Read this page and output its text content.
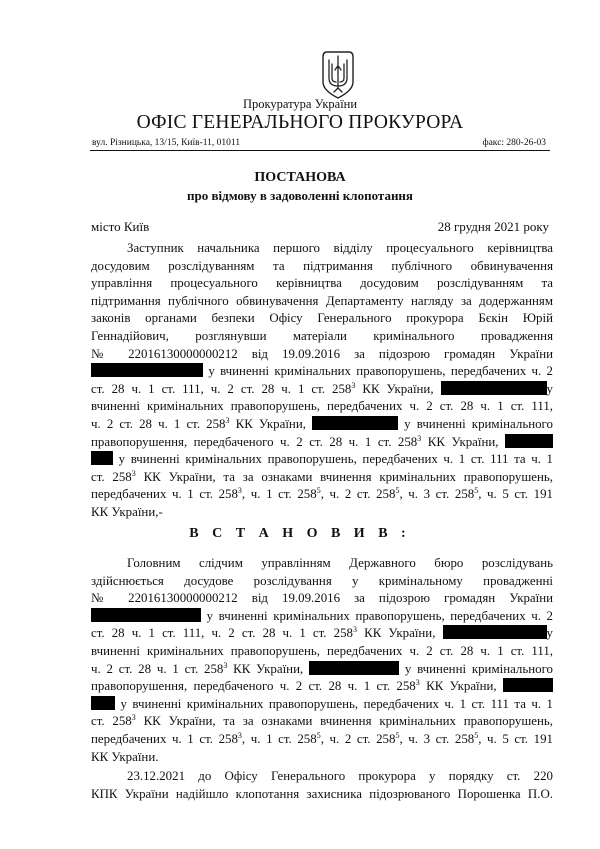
Прокуратура України
ОФІС ГЕНЕРАЛЬНОГО ПРОКУРОРА
вул. Різницька, 13/15, Київ-11, 01011	факс: 280-26-03
ПОСТАНОВА
про відмову в задоволенні клопотання
місто Київ	28 грудня 2021 року
Заступник начальника першого відділу процесуального керівництва
досудовим розслідуванням та підтримання публічного обвинувачення
управління процесуального керівництва досудовим розслідуванням та
підтримання публічного обвинувачення Департаменту нагляду за додержанням
законів органами безпеки Офісу Генерального прокурора Бєкін Юрій
Геннадійович, розглянувши матеріали кримінального провадження
№ 22016130000000212 від 19.09.2016 за підозрою громадян України
у вчиненні кримінальних правопорушень, передбачених ч. 2
ст. 28 ч. 1 ст. 111, ч. 2 ст. 28 ч. 1 ст. $258^3$ КК України,	у
вчиненні кримінальних правопорушень, передбачених ч. 2 ст. 28 ч. 1 ст. 111,
ч. 2 ст. 28 ч. 1 ст. $258^3$ КК України,	у вчиненні кримінального
правопорушення, передбаченого ч. 2 ст. 28 ч. 1 ст. $258^3$ КК України,
у вчиненні кримінальних правопорушень, передбачених ч. 1 ст. 111 та ч. 1
ст. $258^3$ КК України, та за ознаками вчинення кримінальних правопорушень,
передбачених ч. 1 ст. $258^3$, ч. 1 ст. $258^5$, ч. 2 ст. $258^5$, ч. 3 ст. $258^5$, ч. 5 ст. 191
КК України,-
В С Т А Н О В И В :
Головним слідчим управлінням Державного бюро розслідувань
здійснюється досудове розслідування у кримінальному провадженні
№ 22016130000000212 від 19.09.2016 за підозрою громадян України
у вчиненні кримінальних правопорушень, передбачених ч. 2
ст. 28 ч. 1 ст. 111, ч. 2 ст. 28 ч. 1 ст. $258^3$ КК України,	у
вчиненні кримінальних правопорушень, передбачених ч. 2 ст. 28 ч. 1 ст. 111,
ч. 2 ст. 28 ч. 1 ст. $258^3$ КК України,	у вчиненні кримінального
правопорушення, передбаченого ч. 2 ст. 28 ч. 1 ст. $258^3$ КК України,
у вчиненні кримінальних правопорушень, передбачених ч. 1 ст. 111 та ч. 1
ст. $258^3$ КК України, та за ознаками вчинення кримінальних правопорушень,
передбачених ч. 1 ст. $258^3$, ч. 1 ст. $258^5$, ч. 2 ст. $258^5$, ч. 3 ст. $258^5$, ч. 5 ст. 191
КК України.
23.12.2021 до Офісу Генерального прокурора у порядку ст. 220
КПК України надійшло клопотання захисника підозрюваного Порошенка П.О.
